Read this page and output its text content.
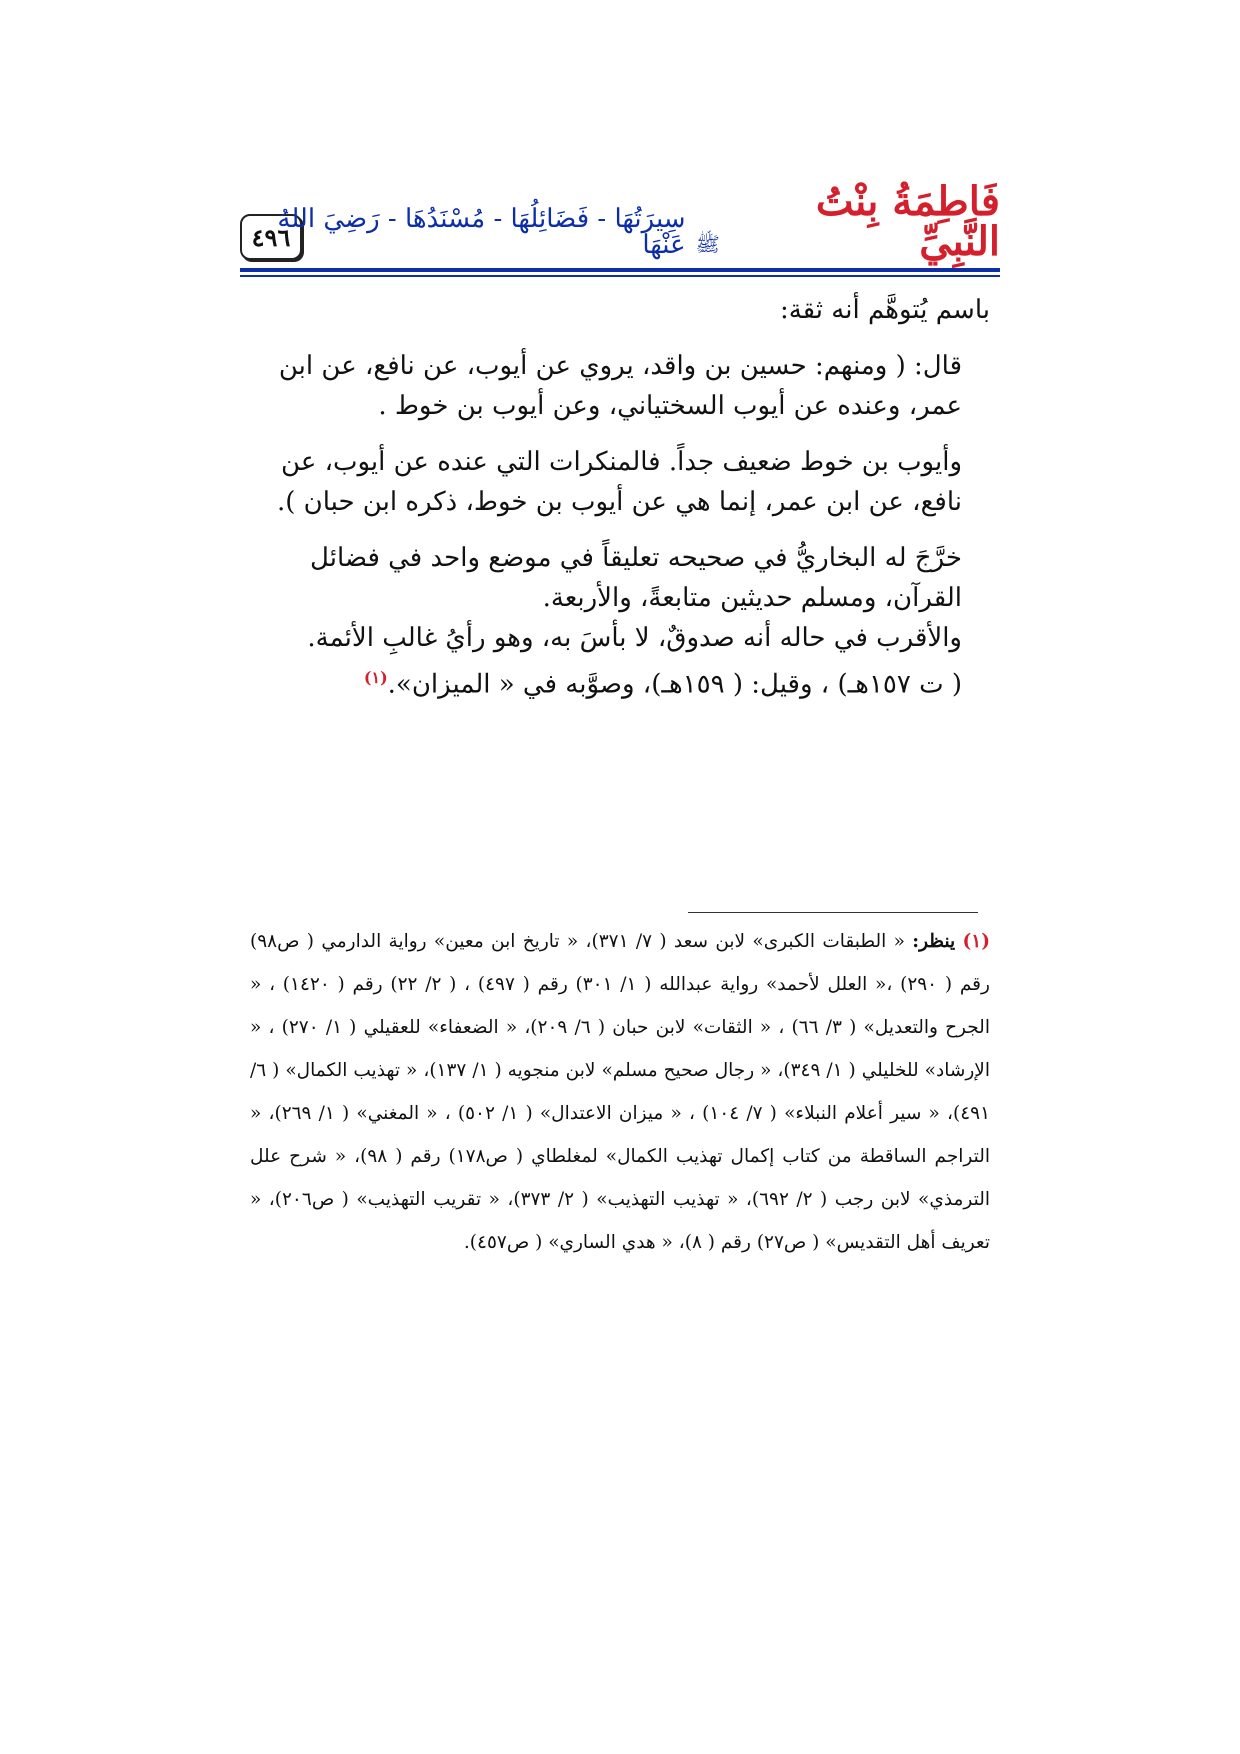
٤٩٦
فَاطِمَةُ بِنْتُ النَّبِيِّ
ﷺ
سِيرَتُهَا - فَضَائِلُهَا - مُسْنَدُهَا - رَضِيَ اللهُ عَنْهَا

باسم يُتوهَّم أنه ثقة:

قال: ( ومنهم: حسين بن واقد، يروي عن أيوب، عن نافع، عن ابن عمر، وعنده عن أيوب السختياني، وعن أيوب بن خوط .

وأيوب بن خوط ضعيف جداً. فالمنكرات التي عنده عن أيوب، عن نافع، عن ابن عمر، إنما هي عن أيوب بن خوط، ذكره ابن حبان ).

خرَّجَ له البخاريُّ في صحيحه تعليقاً في موضع واحد في فضائل القرآن، ومسلم حديثين متابعةً، والأربعة.

والأقرب في حاله أنه صدوقٌ، لا بأسَ به، وهو رأيُ غالبِ الأئمة.

( ت ١٥٧هـ) ، وقيل: ( ١٥٩هـ)، وصوَّبه في « الميزان».$^{(١)}$

(١) ينظر: « الطبقات الكبرى» لابن سعد ( ٧/ ٣٧١)، « تاريخ ابن معين» رواية الدارمي ( ص٩٨) رقم ( ٢٩٠) ،« العلل لأحمد» رواية عبدالله ( ١/ ٣٠١) رقم ( ٤٩٧) ، ( ٢/ ٢٢) رقم ( ١٤٢٠) ، « الجرح والتعديل» ( ٣/ ٦٦) ، « الثقات» لابن حبان ( ٦/ ٢٠٩)، « الضعفاء» للعقيلي ( ١/ ٢٧٠) ، « الإرشاد» للخليلي ( ١/ ٣٤٩)، « رجال صحيح مسلم» لابن منجويه ( ١/ ١٣٧)، « تهذيب الكمال» ( ٦/ ٤٩١)، « سير أعلام النبلاء» ( ٧/ ١٠٤) ، « ميزان الاعتدال» ( ١/ ٥٠٢) ، « المغني» ( ١/ ٢٦٩)، « التراجم الساقطة من كتاب إكمال تهذيب الكمال» لمغلطاي ( ص١٧٨) رقم ( ٩٨)، « شرح علل الترمذي» لابن رجب ( ٢/ ٦٩٢)، « تهذيب التهذيب» ( ٢/ ٣٧٣)، « تقريب التهذيب» ( ص٢٠٦)، « تعريف أهل التقديس» ( ص٢٧) رقم ( ٨)، « هدي الساري» ( ص٤٥٧).
